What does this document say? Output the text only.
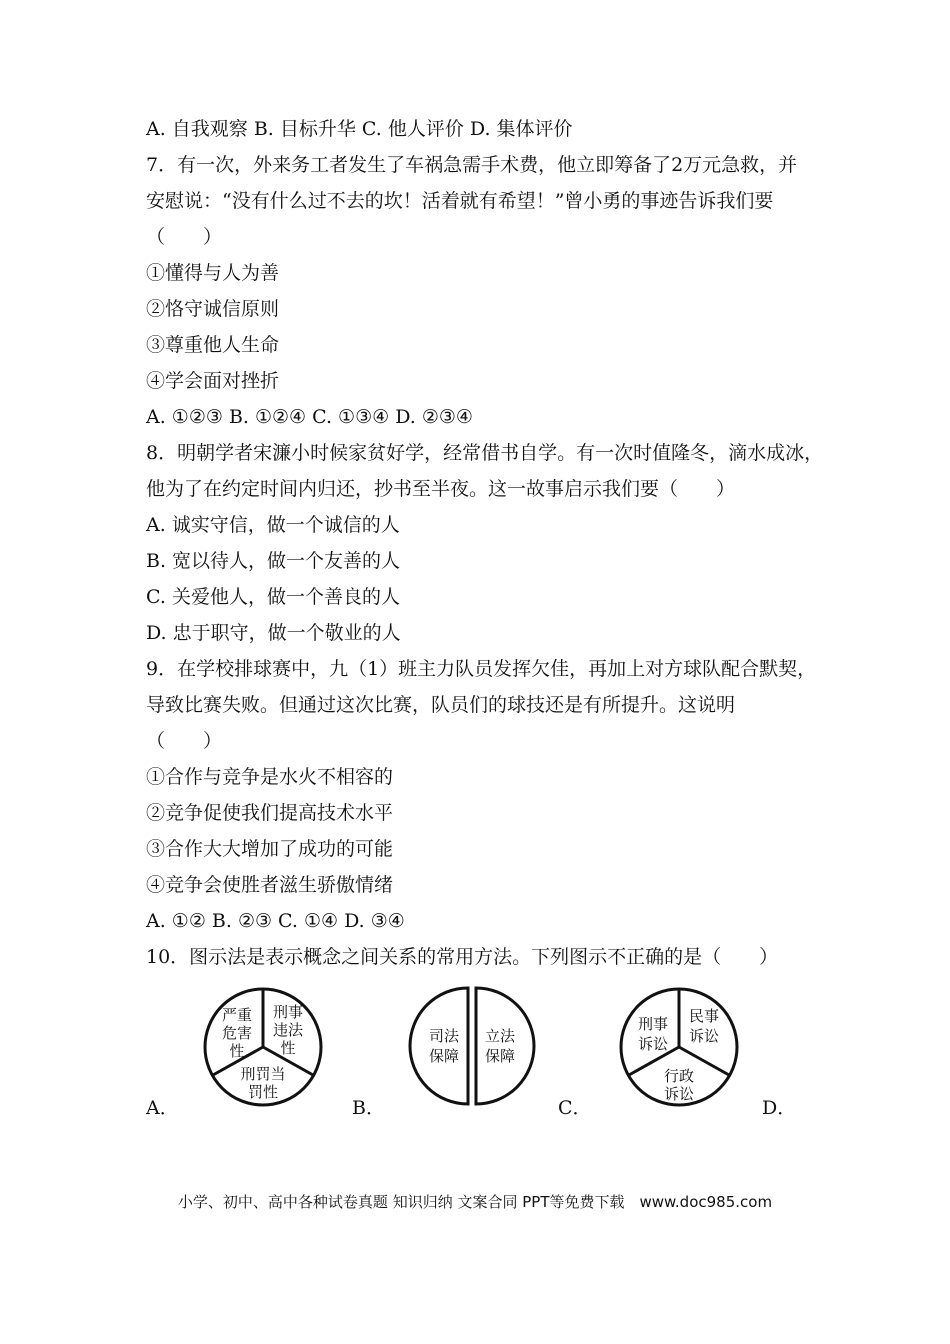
A. 自我观察 B. 目标升华 C. 他人评价 D. 集体评价
7．有一次，外来务工者发生了车祸急需手术费，他立即筹备了2万元急救，并
安慰说：“没有什么过不去的坎！活着就有希望！”曾小勇的事迹告诉我们要
（　　）
①懂得与人为善
②恪守诚信原则
③尊重他人生命
④学会面对挫折
A. ①②③ B. ①②④ C. ①③④ D. ②③④
8．明朝学者宋濂小时候家贫好学，经常借书自学。有一次时值隆冬，滴水成冰，
他为了在约定时间内归还，抄书至半夜。这一故事启示我们要（　　）
A. 诚实守信，做一个诚信的人
B. 宽以待人，做一个友善的人
C. 关爱他人，做一个善良的人
D. 忠于职守，做一个敬业的人
9．在学校排球赛中，九（1）班主力队员发挥欠佳，再加上对方球队配合默契，
导致比赛失败。但通过这次比赛，队员们的球技还是有所提升。这说明
（　　）
①合作与竞争是水火不相容的
②竞争促使我们提高技术水平
③合作大大增加了成功的可能
④竞争会使胜者滋生骄傲情绪
A. ①② B. ②③ C. ①④ D. ③④
10．图示法是表示概念之间关系的常用方法。下列图示不正确的是（　　）
A．	B．	C．	D．
严重
危害
性
刑事
违法
性
刑罚当
罚性
司法
保障
立法
保障
刑事
诉讼
民事
诉讼
行政
诉讼
小学、初中、高中各种试卷真题 知识归纳 文案合同 PPT等免费下载　www.doc985.com
